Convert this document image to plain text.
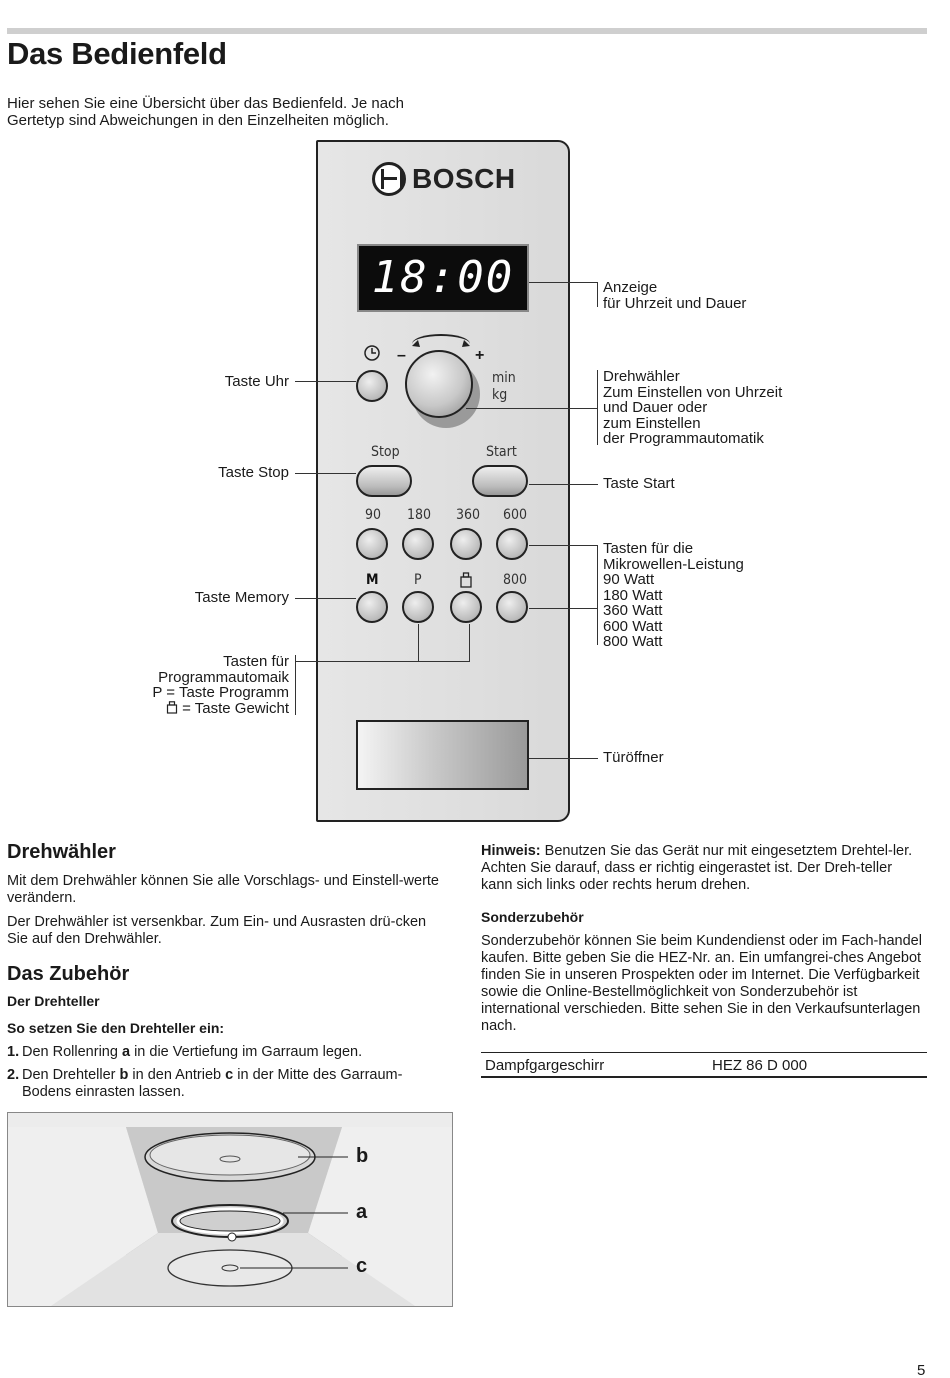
Das Bedienfeld
Hier sehen Sie eine Übersicht über das Bedienfeld. Je nach Gertetyp sind Abweichungen in den Einzelheiten möglich.
BOSCH
18:00
–	+
min
kg
Stop	Start
90 180 360 600
M	P	800
Anzeige
für Uhrzeit und Dauer
Drehwähler
Zum Einstellen von Uhrzeit
und Dauer oder
zum Einstellen
der Programmautomatik
Taste Start
Tasten für die
Mikrowellen-Leistung
90 Watt
180 Watt
360 Watt
600 Watt
800 Watt
Türöffner
Taste Uhr
Taste Stop
Taste Memory
Tasten für
Programmautomaik
P = Taste Programm
= Taste Gewicht
Drehwähler
Mit dem Drehwähler können Sie alle Vorschlags- und Einstell-werte verändern.
Der Drehwähler ist versenkbar. Zum Ein- und Ausrasten drü-cken Sie auf den Drehwähler.
Das Zubehör
Der Drehteller
So setzen Sie den Drehteller ein:
1. Den Rollenring a in die Vertiefung im Garraum legen.
2. Den Drehteller b in den Antrieb c in der Mitte des Garraum-
Bodens einrasten lassen.
b
a
c
Hinweis: Benutzen Sie das Gerät nur mit eingesetztem Drehtel-ler. Achten Sie darauf, dass er richtig eingerastet ist. Der Dreh-teller kann sich links oder rechts herum drehen.
Sonderzubehör
Sonderzubehör können Sie beim Kundendienst oder im Fach-handel kaufen. Bitte geben Sie die HEZ-Nr. an. Ein umfangrei-ches Angebot finden Sie in unseren Prospekten oder im Internet. Die Verfügbarkeit sowie die Online-Bestellmöglichkeit von Sonderzubehör ist international verschieden. Bitte sehen Sie in den Verkaufsunterlagen nach.
Dampfgargeschirr	HEZ 86 D 000
5
